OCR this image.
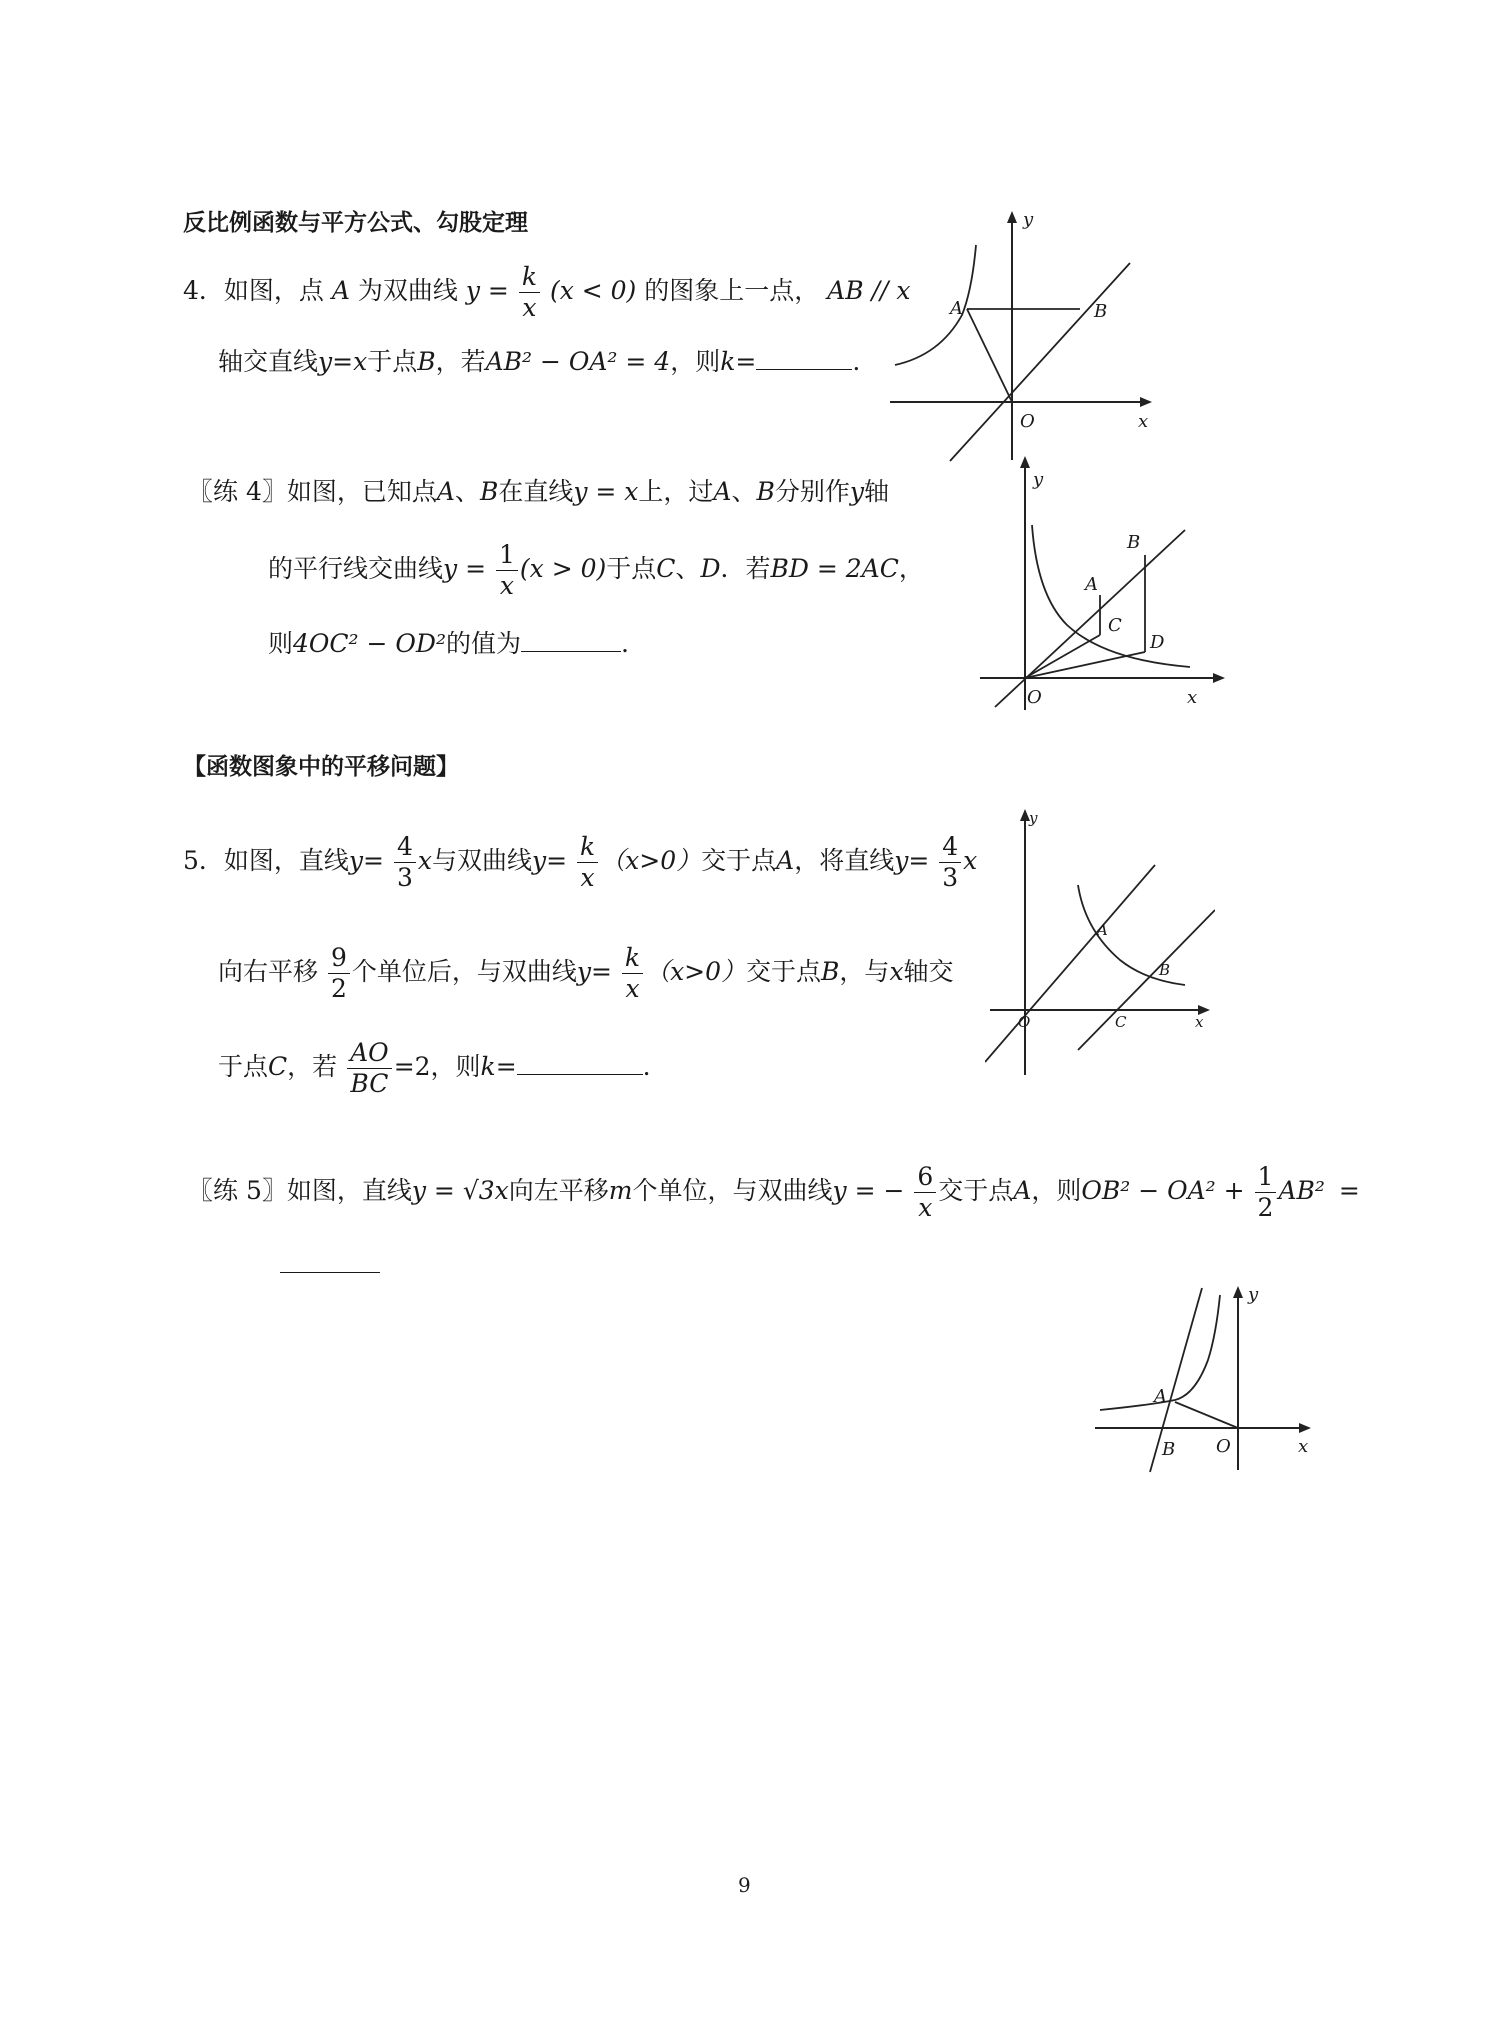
反比例函数与平方公式、勾股定理
4．如图，点 A 为双曲线 $y = \frac{k}{x} (x < 0)$ 的图象上一点， AB // x
轴交直线y=x于点B，若AB² − OA² = 4，则k=	.
A	B
O	x
y
〖练 4〗如图，已知点A、B在直线y = x上，过A、B分别作y轴
的平行线交曲线$y = \frac{1}{x} (x > 0)$于点C、D．若BD = 2AC，
则4OC² − OD²的值为	.
A
B
C
D
O	x
y
【函数图象中的平移问题】
5．如图，直线$y= \frac{4}{3}$ x与双曲线$y= \frac{k}{x} (x>0)$交于点A，将直线$y= \frac{4}{3}$ x
向右平移 $\frac{9}{2}$ 个单位后，与双曲线$y= \frac{k}{x} (x>0)$交于点B，与x轴交
于点C，若 $\frac{AO}{BC} =2$，则k=	.
A
B
C
O	x
y
〖练 5〗如图，直线y = √3x向左平移m个单位，与双曲线y = − $\frac{6}{x}$ 交于点A，则$OB^2 - OA^2 + \frac{1}{2} AB^2$ =
A
B O	x
y
9
